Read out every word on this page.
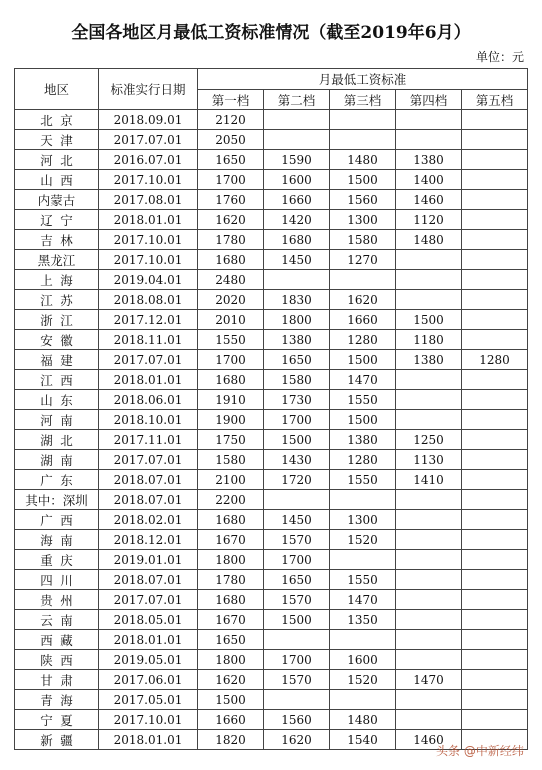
全国各地区月最低工资标准情况（截至2019年6月）
单位：元
地区	标准实行日期	月最低工资标准				
		第一档	第二档	第三档	第四档	第五档
北京	2018.09.01	2120				
天津	2017.07.01	2050				
河北	2016.07.01	1650	1590	1480	1380	
山西	2017.10.01	1700	1600	1500	1400	
内蒙古	2017.08.01	1760	1660	1560	1460	
辽宁	2018.01.01	1620	1420	1300	1120	
吉林	2017.10.01	1780	1680	1580	1480	
黑龙江	2017.10.01	1680	1450	1270		
上海	2019.04.01	2480				
江苏	2018.08.01	2020	1830	1620		
浙江	2017.12.01	2010	1800	1660	1500	
安徽	2018.11.01	1550	1380	1280	1180	
福建	2017.07.01	1700	1650	1500	1380	1280
江西	2018.01.01	1680	1580	1470		
山东	2018.06.01	1910	1730	1550		
河南	2018.10.01	1900	1700	1500		
湖北	2017.11.01	1750	1500	1380	1250	
湖南	2017.07.01	1580	1430	1280	1130	
广东	2018.07.01	2100	1720	1550	1410	
其中：深圳	2018.07.01	2200				
广西	2018.02.01	1680	1450	1300		
海南	2018.12.01	1670	1570	1520		
重庆	2019.01.01	1800	1700			
四川	2018.07.01	1780	1650	1550		
贵州	2017.07.01	1680	1570	1470		
云南	2018.05.01	1670	1500	1350		
西藏	2018.01.01	1650				
陕西	2019.05.01	1800	1700	1600		
甘肃	2017.06.01	1620	1570	1520	1470	
青海	2017.05.01	1500				
宁夏	2017.10.01	1660	1560	1480		
新疆	2018.01.01	1820	1620	1540	1460	
头条 @中新经纬
